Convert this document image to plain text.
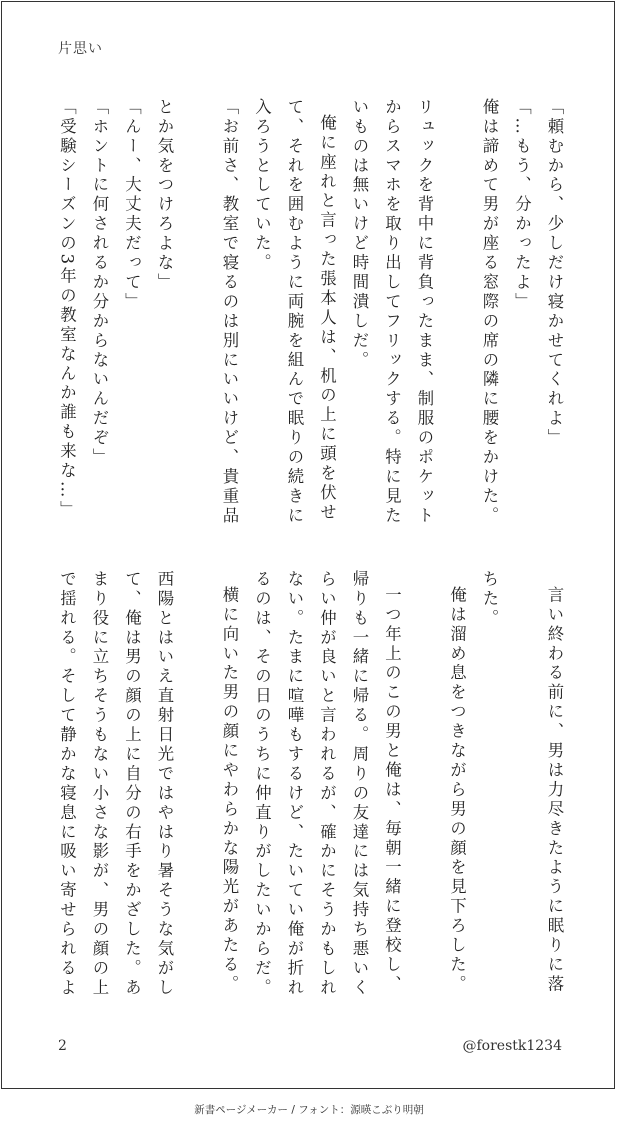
片思い

「頼むから、少しだけ寝かせてくれよ」

「…もう、分かったよ」

俺は諦めて男が座る窓際の席の隣に腰をかけた。

リュックを背中に背負ったまま、制服のポケット

からスマホを取り出してフリックする。特に見た

いものは無いけど時間潰しだ。

俺に座れと言った張本人は、机の上に頭を伏せ

て、それを囲むように両腕を組んで眠りの続きに

入ろうとしていた。

「お前さ、教室で寝るのは別にいいけど、貴重品

とか気をつけろよな」

「んー、大丈夫だって」

「ホントに何されるか分からないんだぞ」

「受験シーズンの3年の教室なんか誰も来な…」

言い終わる前に、男は力尽きたように眠りに落

ちた。

俺は溜め息をつきながら男の顔を見下ろした。

一つ年上のこの男と俺は、毎朝一緒に登校し、

帰りも一緒に帰る。周りの友達には気持ち悪いく

らい仲が良いと言われるが、確かにそうかもしれ

ない。たまに喧嘩もするけど、たいてい俺が折れ

るのは、その日のうちに仲直りがしたいからだ。

横に向いた男の顔にやわらかな陽光があたる。

西陽とはいえ直射日光ではやはり暑そうな気がし

て、俺は男の顔の上に自分の右手をかざした。あ

まり役に立ちそうもない小さな影が、男の顔の上

で揺れる。そして静かな寝息に吸い寄せられるよ

2	@forestk1234
新書ページメーカー / フォント：源暎こぶり明朝
